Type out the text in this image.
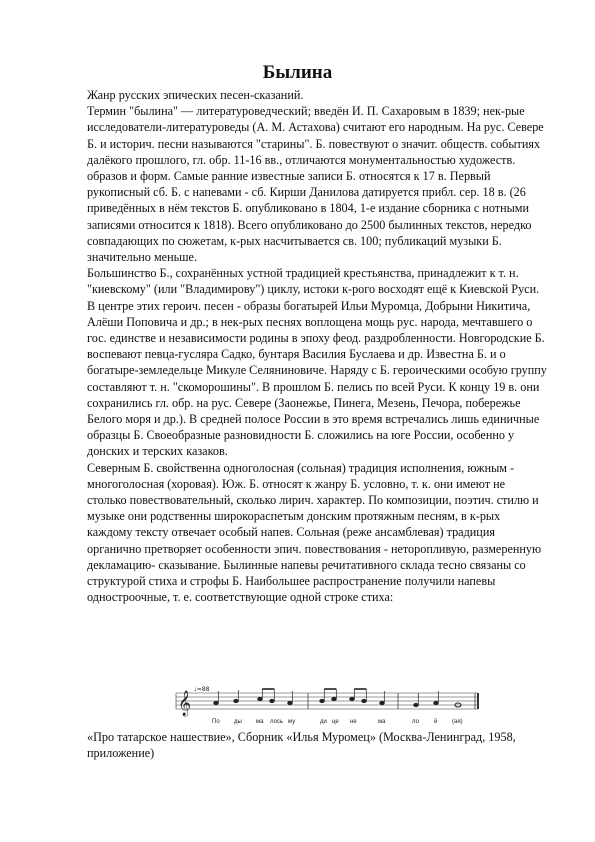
Былина

Жанр русских эпических песен-сказаний.

Термин "былина" — литературоведческий; введён И. П. Сахаровым в 1839; нек-рые исследователи-литературоведы (А. М. Астахова) считают его народным. На рус. Севере Б. и историч. песни называются "старины". Б. повествуют о значит. обществ. событиях далёкого прошлого, гл. обр. 11-16 вв., отличаются монументальностью художеств. образов и форм. Самые ранние известные записи Б. относятся к 17 в. Первый рукописный сб. Б. с напевами - сб. Кирши Данилова датируется прибл. сер. 18 в. (26 приведённых в нём текстов Б. опубликовано в 1804, 1-е издание сборника с нотными записями относится к 1818). Всего опубликовано до 2500 былинных текстов, нередко совпадающих по сюжетам, к-рых насчитывается св. 100; публикаций музыки Б. значительно меньше.

Большинство Б., сохранённых устной традицией крестьянства, принадлежит к т. н. "киевскому" (или "Владимирову") циклу, истоки к-рого восходят ещё к Киевской Руси. В центре этих героич. песен - образы богатырей Ильи Муромца, Добрыни Никитича, Алёши Поповича и др.; в нек-рых песнях воплощена мощь рус. народа, мечтавшего о гос. единстве и независимости родины в эпоху феод. раздробленности. Новгородские Б. воспевают певца-гусляра Садко, бунтаря Василия Буслаева и др. Известна Б. и о богатыре-земледельце Микуле Селяниновиче. Наряду с Б. героическими особую группу составляют т. н. "скоморошины". В прошлом Б. пелись по всей Руси. К концу 19 в. они сохранились гл. обр. на рус. Севере (Заонежье, Пинега, Мезень, Печора, побережье Белого моря и др.). В средней полосе России в это время встречались лишь единичные образцы Б. Своеобразные разновидности Б. сложились на юге России, особенно у донских и терских казаков.

Северным Б. свойственна одноголосная (сольная) традиция исполнения, южным - многоголосная (хоровая). Юж. Б. относят к жанру Б. условно, т. к. они имеют не столько повествовательный, сколько лирич. характер. По композиции, поэтич. стилю и музыке они родственны широкораспетым донским протяжным песням, в к-рых каждому тексту отвечает особый напев. Сольная (реже ансамблевая) традиция органично претворяет особенности эпич. повествования - неторопливую, размеренную декламацию- сказывание. Былинные напевы речитативного склада тесно связаны со структурой стиха и строфы Б. Наибольшее распространение получили напевы одностроочные, т. е. соответствующие одной строке стиха:

𝄞
♩=88
По ды ма лось му	ди це не	ма	ло	й (ая)
«Про татарское нашествие», Сборник «Илья Муромец» (Москва-Ленинград, 1958, приложение)
